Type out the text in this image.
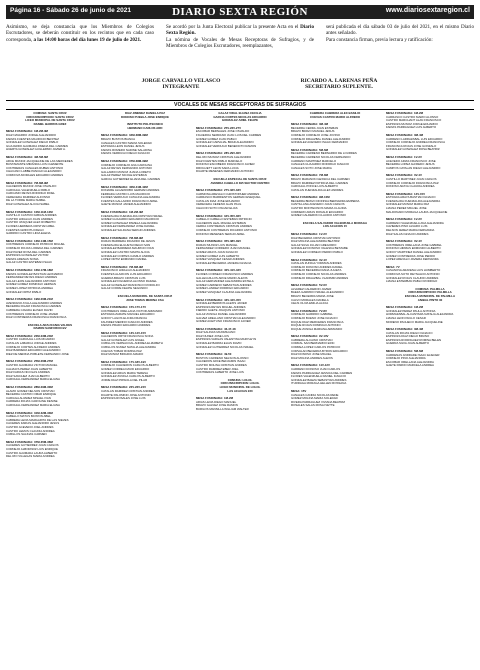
Página 16 - Sábado 26 de junio de 2021	DIARIO SEXTA REGIÓN	www.diariosextaregion.cl
Asimismo, se deja constancia que los Miembros de Colegios Escrutadores, se deberán constituir en los recintos que en cada caso corresponda, a las 14:00 horas del día lunes 19 de julio de 2021.
Se acordó por la Junta Electoral publicar la presente Acta en el Diario Sexta Región.
La nómina de Vocales de Mesas Receptoras de Sufragios, y de Miembros de Colegios Escrutadores, reemplazantes,
será publicada el día sábado 03 de julio del 2021, en el mismo Diario antes señalado.
Para constancia firman, previa lectura y ratificación:
JORGE CARVALLO VELASCO
INTEGRANTE
RICARDO A. LARENAS PEÑA
SECRETARIO SUPLENTE.
VOCALES DE MESAS RECEPTORAS DE SUFRAGIOS
COMUNA: SANTA CRUZ
CIRCUNSCRIPCION: SANTA CRUZ
LICEO MUNICIPAL DE SANTA CRUZ
DANIEL BARROS GREZ
MESA FUSIONADA: 1M-2M-3M
DIAZ NAVARRO JORGE ALEJANDRO
FARIAS FUENTES MAURICIO BENITEZ
GONZALEZ GONZALEZ DIEGO PABLO
GUAJARDO AHUMADA JIMENA DEL CARMEN
HUERTA GONZALEZ GUILLERMO JAVIER A.
MESA FUSIONADA: 4M-5M-6M
ARCE MUÑOZ JACQUELINE DE LAS MERCEDES
BUSTAMANTE MIRANDA LUIS CLEMENTE
CONTRERAS CANALES RUBEN ANTONIO
CHACANO LABBE PANCHO ALEJANDRO
CORDOVA MORALES EDUARDO ANDRES
MESA FUSIONADA: 7M-8M-9M
CALDERON MUÑOZ JOSE OSVALDO
CARVAJAL VALENZUELA PABLO
CARCAMO REYES RODRIGO FIDEL
CERECEDA RAMIREZ ALFONSO
DE LA TORRE MARIA ISABEL
DIAZ GONZALEZ ALICIA ISABEL
MESA FUSIONADA: 10M-11M-12M
CASTILLO CASTRO FABIAN ANDRES
CASTRO HIDALGO JUAN ANDRES
CASTRO VASQUEZ ALEX ROBERTO
FLORES HERRERA CRISTIAN ABEL
FUENTES GRIFFITH DIEGO
GARRIDO CASTRO LIDIA ELENA
MESA FUSIONADA: 13M-14M-15M
CONTRERAS CORNEJO PATRICIO MIGUEL
CORNEJO ROJAS LORENA DEL CARMEN
DIAZ PAVEZ ROSA DEL CARMEN
ESPINOZA GONZALEZ VICTOR
FARIAS ARENAS SONIA
GALAZ CASTRO ESTEBAN ISAAC
MESA FUSIONADA: 16M-17M-18M
FARIAS GONZALEZ BASTIAN LEONARDO
FERNANDEZ REYES DIEGO ANDRES
GALAZ LEON ALEJANDRO ANTONIO
GOMEZ GOMEZ DOMINGO HERNAN
GOMEZ LOPEZ PATRICIA ANDREA
GONZALEZ ORTIZ PABLO
MESA FUSIONADA: 19M-20M-21M
AVENDAÑO AYALA ALEJANDRO ANDRES
BECERRA FIGARI FRANCISCA CARMEN
CABRERA CAVADA ELISEO DAVID
CONTRERAS CORNEJO JOSE JAVIER
DIAZ CONTRERAS FRANCISCA FRANCISCA
ESCUELA ARAUCANIA VALDES
RAMON SANFUROO BV
MESA FUSIONADA: 22M-23M-24M
CASTRO CARVAJAL LUIS RICARDO
CATALAN LABARCA JORGE ANDRES
CORNEJO CORTES ALFREDO ANDRES
DIAZ BARRERA EDUARDO ALEJANDRO
DIEZ DE MEDINA POBLETE FERNANDO JOSE
MESA FUSIONADA: 25M-26M-27M
CASTRO AHUMADA VICTOR MANUEL
CALIZAYA PEREZ JUAN ALBERTO
DIAZ FARIAS NICOLAS ANDRES
DIAZ SANCHEZ JUAN ALBERTO
CARVAJAL FERNANDEZ MARIA ELIANA
MESA FUSIONADA: 28M-29M-30M
ALAMO GOMEZ NELSON CRISTIAN
BECERRA CASTRO OMAR ENRIQUE
CARIAGA ALVAREZ MISAEL IVAN
CARRERA ROJAS CAROLINE DENISE
CARVAJAL FERNANDEZ MARIA ELIANA
MESA FUSIONADA: 31M-32M-33M
CABELLO MATUS BAYRON ABEL
CABRERA LEIVA MARGARITA DE LAS NIEVES
CACERES FARIAS ALEJANDRO JESUS
CASTRO ACEVEDO JOEL ANDRES
CASTRO LEMUS CLAUDIA ANDREA
CUBILLOS SALINAS CARMEN
MESA FUSIONADA: 37M-35M-36M
CACERES GUTIERREZ JUAN CARLOS
CORNEJO ALBORNOZ LUIS ENRIQUE
CASTRO AHUMADA LAURA ALBERTO
DEL RIO VILLEGAS MARIA ANDREA
DIAZ JIMENEZ DANIELA PAZ
DONOSO PUEBLA JOSE ENRIQUE
INSTITUTO POLITECNICO
HERMANO CARLOS ARD
MESA FUSIONADA: 34M-38M-39M
BRAVO BUSTOS BIANCA
CANALES CASTRO MARIA SOLEDAD
ESTRADA LEON DANIEL JESUS
FARIAS ROMERO NADINE SALADINA
FARIAS VERDUGO DIEGO IGNACIO
MESA FUSIONADA: 37M-38M-39M
CORNEJO CORNEJO ANA CAROLINA
GALAZ REYES FERNANDO ANTONIO
GALLARDO MUÑOZ JUANA LORETO
GALAZ PEREZ NICOLE ESTEBAN
GARCIA GUTIERREZ ELIANA DEL CARMEN
MESA FUSIONADA: 40M-41M-42M
DONAIRE ALGARROBO GERMAN ANDRES
FERRADA CASTRO LUIS MAURICIO
FLORES VERDUGO CATALINA ALEJANDRA
FUENTES GALLARDO FRANCISCO ARIEL
GAETE MUÑOZ JAVIER ALEJANDRO
MESA FUSIONADA: 1M-2M-3M
FUENZALIDA FUENZALIDA CRISTIAN ISRAEL
GOMEZ GUAJARDO EDUARDO MAURICIO
GOMEZ GONZALEZ PAMELA ALEJANDRA
GONZALEZ FERNANDEZ JOSE DANIEL
GONZALEZ SALDANA SERGIO ANDRES
MESA FUSIONADA: 7M-8M-9M
DURAN BARRERA RICARDO DE JESUS
FUENZALIDA ELGUETA DIEGO IVAN
GONZALEZ BARRERA MAURICIO IVAN
GONZALEZ CASTRO MARTA ALICIA
GONZALEZ CORTES CAMILO ANDRES
LOPEZ ORTIZ EDMUNDO DANIEL
MESA FUSIONADA: 7M-8M-9M
FRANCISCO HIDALGO ALEJANDRO
FUENTES ALARCON LUIS EDUARDO
GUERRA BRAVO CRISTIAN LUIS
GONZALEZ FIGUEROA ALONSO RAFAEL
GALAZ GONZALEZ FRANCISCO RODOLFO
GALAZ COFRE FELIPE SEGUNDO
ESCUELA MUNICIPAL DE SANTA CRUZ
JOSE TOMAS MEDINA CSA
MESA FUSIONADA: 15V-17V-17V
CONTRERAS ORELLANA VICTOR ARMANDO
ESTRADA ZARATE MANUEL EDUARDO
GODOY LAGOS ELICRA FRANCIA
FAUNDEZ MERINO IGNACIO ANDRES
FARIAS PRADO EDUARDO ANDRES
MESA FUSIONADA: 13V-14V-15V
CALDERON ORTIZ FRANCISCA SOFIA
GALAZ GONZALEZ LUIS ANGEL
CUBILLOS VERNACOAL ANDREA ELIZABETH
CUBILLOS NUNEZ NATALIA ALEJANDRA
CUEVAS TOBAR ROMINA PAZ
DIAZ MUÑOZ BRIGIDO AMADO
MESA FUSIONADA: 17V-18V-19V
CORNEJO CALDERON CARLOS ALBERTO
GOMEZ CORREA DAVID EDUARDO
GONZALEZ ARIAS MARIA TERESA
GONZALEZ ZUÑIGA CARLOS ALBERTO
JOFRE DIAZ PRISCILA DEL PILAR
MESA FUSIONADA: 22V-23V-24V
CATALAN RAMIREZ CRISTIAN ANDRES
DUARTE PALOMINO JOSE ANTONIO
ESPINOZA ROSALES JOSE LUIS
GALAZ VIDAL ELIANA CECILIA
GARCIA CORTES NICOLAS EDUARDO
GONZALEZ ARIEL FELIPE
MESA FUSIONADA: 25V-23V-27V
ESCOBAR BERNALES JOSE OSVALDO
FIGUEROA SERRANO JUAN LUIS DEL CARMEN
GOMEZ GOMEZ JUAN PABLO
GONZALEZ CARVAJAL BRAD ALEJANDRO
GONZALEZ VERDUGO BENEDICTO RAMON
MESA FUSIONADA: 28V-29V-30V
DEL RIO MUÑOZ CRISTIAN ALEJANDRO
DIAZ FUENTES PABLO MARCELO
DONOSO ESCOBEDO FRANCISCO JAVIER
DROGUETT LEON SARA LUCIA
DUARTE MENESES FERNANDO ANTONIO
ESCUELA ESPECIAL DE SANTA CRUZ
AVENIDA CABELLO 395 SECTOR CENTRO
MESA FUSIONADA: 27V-32V-33V
CARMONA AREVALO CHRISTOPHER ANDRES
CARRASCO BARRIENTOS GERMAN ESEQUIEL
CATALAN DIAZ JOSE EDUARDO
CERECEDA CEDEÑO ALAN PAUL
CHACON SOTO OSCAR ELIAS
MESA FUSIONADA: 34V-35V-36V
CABELLO CABELLO ESTEBAN PATRICIO
CALDERON LEAL MIGUEL ESTEBAN
CERDA CONTRERAS CRISTIAN ANDRES
CORNEJO CONTRERAS RICARDO ANTONIO
DONOSO MENESES SERGIO ARIEL
MESA FUSIONADA: 35V-38V-39V
DURAN MUÑOZ LUIS MANUEL
FERNANDEZ CORDERO JUAN MANUEL
GOMEZ ARAYA JUAN IGNACIO
GOMEZ GOMEZ LUIS ALBERTO
GOMEZ VASQUEZ CESAR ANDRES
GONZALEZ BECERRA JAVIERA IGNACIA
MESA FUSIONADA: 40V-41V-42V
FLORES CORNEJO FRANCISCO ANDRES
GALLEGUILLOS ARCE MARIO ALEXIS
GALAZ HERNANDEZ ALEJANDRA ESTELA
GOMEZ CARRENO SEBASTIAN ANDRES
GOMEZ LANDEZ RODRIGO EDUARDO
GOMEZ VASQUEZ CLAUDIA ALEJANDRA
MESA FUSIONADA: 43V-44V-45V
GONZALEZ BERRIOS ALEXIS JAVIER
ESPINOZA REYES MIGUEL ANDRES
FIERRO GAETE JOAQUIN ANTONIO
GALAZ ZUÑIGA DANIEL ALEJANDRO
GALVEZ ARELLANO CRISTIAN ALEJANDRO
GOMEZ ACEITUNO FRANCISCO JAVIER
MESA FUSIONADA: 46-47-48
DIAZ SALINAS MAXIMILIANO
DIAZ NUÑEZ JOSE LUIS
ESPINOZA VARGAS VALENTINA MARYLEYN
GONZALEZ BARRIA ELIAS DAVID
GONZALEZ GUTIERREZ NICOLAS ISRAEL
MESA FUSIONADA: 49-50
BUSTOS CARRENO NELSON ALONSO
CALDERON ARCE BENJAMIN ISAAC
CASTRO MOLINA CRISTIAN ANDRES
CASTRO RAMIREZ EBER JOEL
CONTRERAS ALBERTO JOSE LUIS
COMUNA: LOLOL
CIRCUNSCRIPCION: LOLOL
LICEO MUNICIPAL DE LOLOL
LAS ACACIAS 230
MESA FUSIONADA: 1M-2M
ARIAS LEIVA DIEGO MANUEL
BRAVO GALVEZ JOSE RAMON
BURGOS MANSILLA WILLIAM WALTER
CABRERA CABRERA ALEX BASILIO
CUEVAS CASTRO MARIO ALFREDO
MESA FUSIONADA: 3M-4M
BECERRA CERDA JUAN ESTEBAN
BRAVO BRAVO MANUEL JESUS
CORNEJO CORNEJO JOSE JOVINO
CORNEJO DRAAZBAL DANIEL ALEJANDRO
GONZALEZ ACEVEDO ISAAC FERNANDO
MESA FUSIONADA: 5M-6M
BECERRA CARREÑO BERNARDO DE LOURDES
BECERRA CARREÑO NICOLAS FERNANDO
CARREÑO MARTINEZ MARCELO
CANALES GUAJARDO RODRIGO IGNACIO
CANALES SOTO JOSE MARIA
MESA FUSIONADA: 7M-8M
BRAVO MARAÑON GESSICA DEL CARMEN
BRAVO RAMIREZ PATRICIA DEL CARMEN
CARVAJAL PONCE LUIS ALBERTO
CATALAN FUENZALIDA ALEX ANDRES
MESA FUSIONADA: 9M-10M
BECERRA BRAVO DIONISIA BERNARDA EMPERIA
CANTILLANA ACEVEDO JUAN CARLOS
CASTRO MONTECINOS MARIA CLAUDIA
CORDERO ARIAS RONALD EDUARDO
GOMEZ CALDERON CLAUDIO ANTONIO
ESCUELA SALVADOR VALENZUELA MORAGA
LOS ACACIOS 15
MESA FUSIONADA: 1V-2V
DIAZ BECERRA CRISTIAN ANTONIO
DIAZ MOLINA ALEJANDRA BEATRIZ
GALAZ SILVA JULIAN GREGORIO
GONZALEZ DONOSO VALESKA BETZABE
GONZALEZ CORNEJO PEDRO PABLO
MESA FUSIONADA: 3V-4V
CATALAN ZUÑIGA YORMAN ANDRES
CORNEJO DONOSO ANDRES DANIEL
CORNEJO BECERRA DIANA JULIETA
CORNEJO CORNEJO NICOLAS ANDRES
CORNEJO DRAAZBAL VLADIMIR ANDRES
MESA FUSIONADA: 5V-6V
ALVAREZ CALDERON JAVIER
BAEZA GARRIDO ISRAEL ALEJANDRO
BRAVO BECERRA MARIA JOSE
CALVO MORALES DANIELA
CELIS OLIVA EMILIA ALICIA
MESA FUSIONADA: 7V-8V
CORNEJO GARRIDO GABRIEL
CORNEJO BUENO JOSE IGNACIO
DUQUE DIAZ MERCEDES FRANCISCA
DUQUE ROJAS DOMINGO ANTONIO
DUQUE ZUÑIGA MARIANA ARMANDO
MESA FUSIONADA: 9V-10V
CABRERA ALCAINO CRISTIAN
CORRAL SAN BERNARDO ERIC
CORREA LOPEZ CARLOS PATRICIO
CORVALAN BECERRA BYRON EDUARDO
DIAZ DONOSO JOSE MIGUEL
DIAZ MOLINA ANDRES ALEXIS
MESA FUSIONADA: 11V-12V
CARREÑO DONOSO JUAN CARLOS
FARIAS PARRAGUEZ JESSICA DEL CARMEN
FLORES VALENZUELA DANIEL IGNACIO
GONZALEZ BAEZA SEBASTIAN ANDRES
ITURRAGA MORAGA HELLEN ROSSANA
MESA: 15V
CANALES CANDIA NICOLAS RENE
GOMEZ MOLINA MARIA SOLEDAD
RIVERA PARRAGUEZ VIVIANA BEATRIZ
ROSALES SALAS ROSA IVETTE
MESA FUSIONADA: 1M-2M
CARRASCO CASTRO MARIO ALONSO
CASTRO MARCHANT ALAN FRANCISCO
ESPINOZA MUÑOZ JORGE EDUARDO
FARIAS PARRAGUEZ LUIS ALBERTO
MESA FUSIONADA: 3M-4M
CARREÑO LARRAZABAL LUIS EDUARDO
CORNEJO CORNEJO ANDREA FRANCISCA
FRANCISCA ROJAS JOSE GONZALO
GONZALEZ GONZALEZ ROSA BEATRIZ
MESA FUSIONADA: 1V-2V
ACEVEDO ARIAS FRANCISCO JOSE
BECERRA LOPEZ ALFREDO JESUS
CAMPOS CATALAN DIEGO ALEJANDRO
MESA FUSIONADA: 3V-4V
CASTILLO MARTINEZ JUAN CARLOS
CORNEJO CORNEJO FRANCISCA PAZ
DONOSO ARAYA CLAUDIA ANDREA
MESA FUSIONADA: 14V-15V
ESTRADA ARAYA BASTIAN IGNACIO
FUENZALIDA FUENZALIDA ALEJANDRA
GONZALEZ MUÑOZ MARIA PAZ
LIZANA PEREZ MIGUEL JOSE
MALDONADO MORAGA LAURA JACQUELINE
MESA FUSIONADA: 1V-2V
CARRENO VALENZUELA ANA ALEJANDRA
CAVIERES PINO ALVARO LUIS
DELSON JEREZ MARIA FERNANDA
DIAZ SALAS IGNACIO ANDRES
MESA FUSIONADA: 3V-4V
CONTRERAS ORELLANA JOSE GABRIEL
DONOSO HIRMAS EDMUNDO ALBERTO
GODOY MARTINEZ DANIEL ALEJANDRO
GOMEZ CONTRERAS JOSE PEDRO
LOPEZ AREVALO JAVIERA FERNANDA
MESA: 7V
CASANOVA ARAVENA LUIS HUMBERTO
CORDOVA SOTO REYNALDO ANTONIO
GONZALEZ ROJAS CLAUDIO ANDRES
LIZANA ESTERBAN PABLO RODRIGO
COMUNA: PALMILLA
CIRCUNSCRIPCION: PALMILLA
ESCUELA MUNICIPAL DE PALMILLA
ANIBAL PINTO 30
MESA FUSIONADA: 1M-2M
GONZALEZ PEREZ PAULA ANTONIA
HORMAZABAL ALCANTARA NATALIA ALEJANDRA
LIZANA LEON PAULO CESAR
MORENO PACHECO MARIA JACQUELINE
MESA FUSIONADA: 3M-4M
CATALAN ROJAS DIEGO IGNACIO
ESPINOZA DIAZ DIEGO BRUNO
ESPINOZA RODRIGUEZ ROMINA BELEN
GUERRA SILVA JUAN ALBERTO
MESA FUSIONADA: 5M-6M
CARDENAS ANDRADE ISAAC ELIECER
CORNEJO PINO ALEJANDRA
ESCOBAR ORELLANA ALEJANDRA
GAETE PARDO MARCELA ANDREA
